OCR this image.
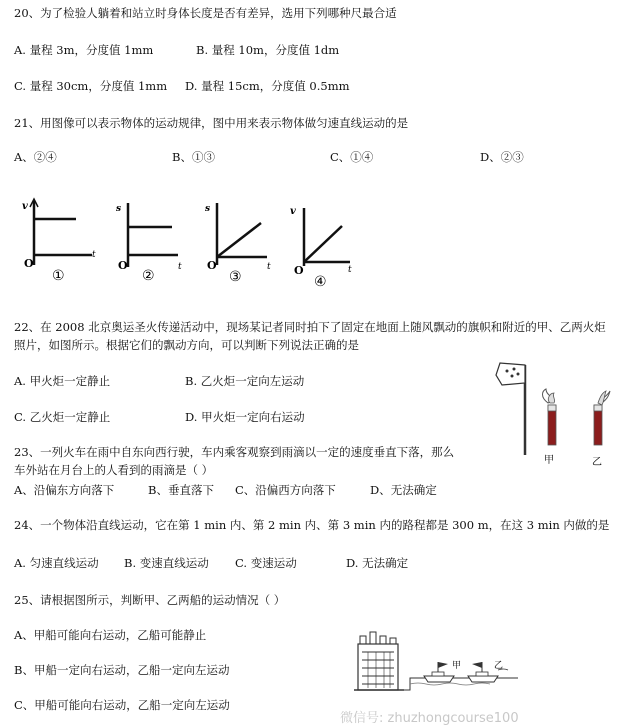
20、为了检验人躺着和站立时身体长度是否有差异，选用下列哪种尺最合适
A. 量程 3m，分度值 1mm	B. 量程 10m，分度值 1dm
C. 量程 30cm，分度值 1mm D. 量程 15cm，分度值 0.5mm
21、用图像可以表示物体的运动规律，图中用来表示物体做匀速直线运动的是
A、②④	B、①③	C、①④	D、②③
v
O
t
①
s
O	t
②
s
O	t
③
v
O	t
④
22、在 2008 北京奥运圣火传递活动中，现场某记者同时拍下了固定在地面上随风飘动的旗帜和附近的甲、乙两火炬
照片，如图所示。根据它们的飘动方向，可以判断下列说法正确的是
A. 甲火炬一定静止	B. 乙火炬一定向左运动
C. 乙火炬一定静止	D. 甲火炬一定向右运动
甲	乙
23、一列火车在雨中自东向西行驶，车内乘客观察到雨滴以一定的速度垂直下落，那么
车外站在月台上的人看到的雨滴是（ ）
A、沿偏东方向落下	B、垂直落下 C、沿偏西方向落下	D、无法确定
24、一个物体沿直线运动，它在第 1 min 内、第 2 min 内、第 3 min 内的路程都是 300 m，在这 3 min 内做的是
A. 匀速直线运动 B. 变速直线运动 C. 变速运动	D. 无法确定
25、请根据图所示，判断甲、乙两船的运动情况（ ）
A、甲船可能向右运动，乙船可能静止
B、甲船一定向右运动，乙船一定向左运动
C、甲船可能向右运动，乙船一定向左运动
甲	乙
微信号: zhuzhongcourse100
